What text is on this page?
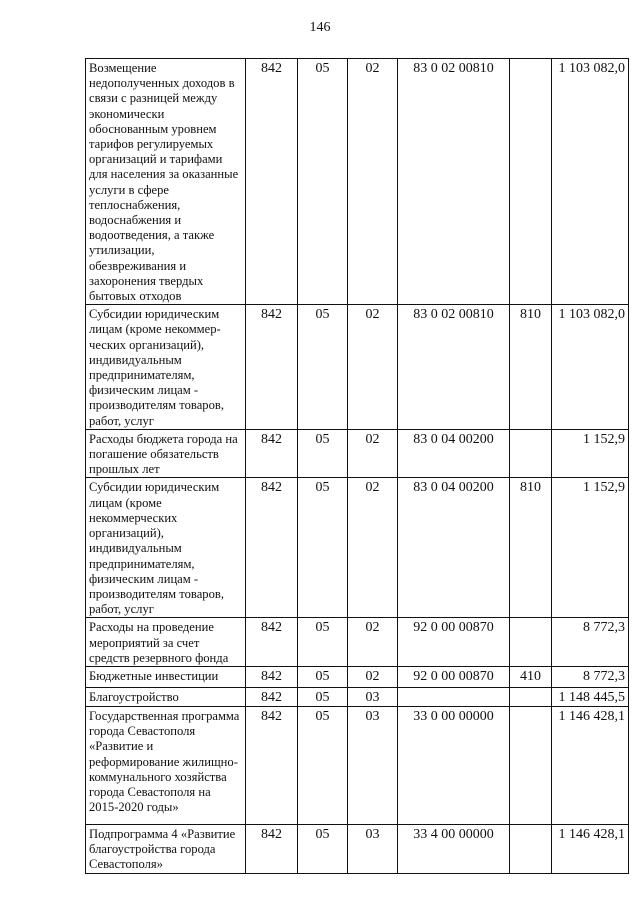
146
Возмещение недополученных доходов в связи с разницей между экономически обоснованным уровнем тарифов регулируемых организаций и тарифами для населения за оказанные услуги в сфере теплоснабжения, водоснабжения и водоотведения, а также утилизации, обезвреживания и захоронения твердых бытовых отходов	842	05	02	83 0 02 00810		1 103 082,0
Субсидии юридическим лицам (кроме некоммер-ческих организаций), индивидуальным предпринимателям, физическим лицам - производителям товаров, работ, услуг	842	05	02	83 0 02 00810	810	1 103 082,0
Расходы бюджета города на погашение обязательств прошлых лет	842	05	02	83 0 04 00200		1 152,9
Субсидии юридическим лицам (кроме некоммерческих организаций), индивидуальным предпринимателям, физическим лицам - производителям товаров, работ, услуг	842	05	02	83 0 04 00200	810	1 152,9
Расходы на проведение мероприятий за счет средств резервного фонда	842	05	02	92 0 00 00870		8 772,3
Бюджетные инвестиции	842	05	02	92 0 00 00870	410	8 772,3
Благоустройство	842	05	03			1 148 445,5
Государственная программа города Севастополя «Развитие и реформирование жилищно-коммунального хозяйства города Севастополя на 2015-2020 годы»	842	05	03	33 0 00 00000		1 146 428,1
Подпрограмма 4 «Развитие благоустройства города Севастополя»	842	05	03	33 4 00 00000		1 146 428,1
